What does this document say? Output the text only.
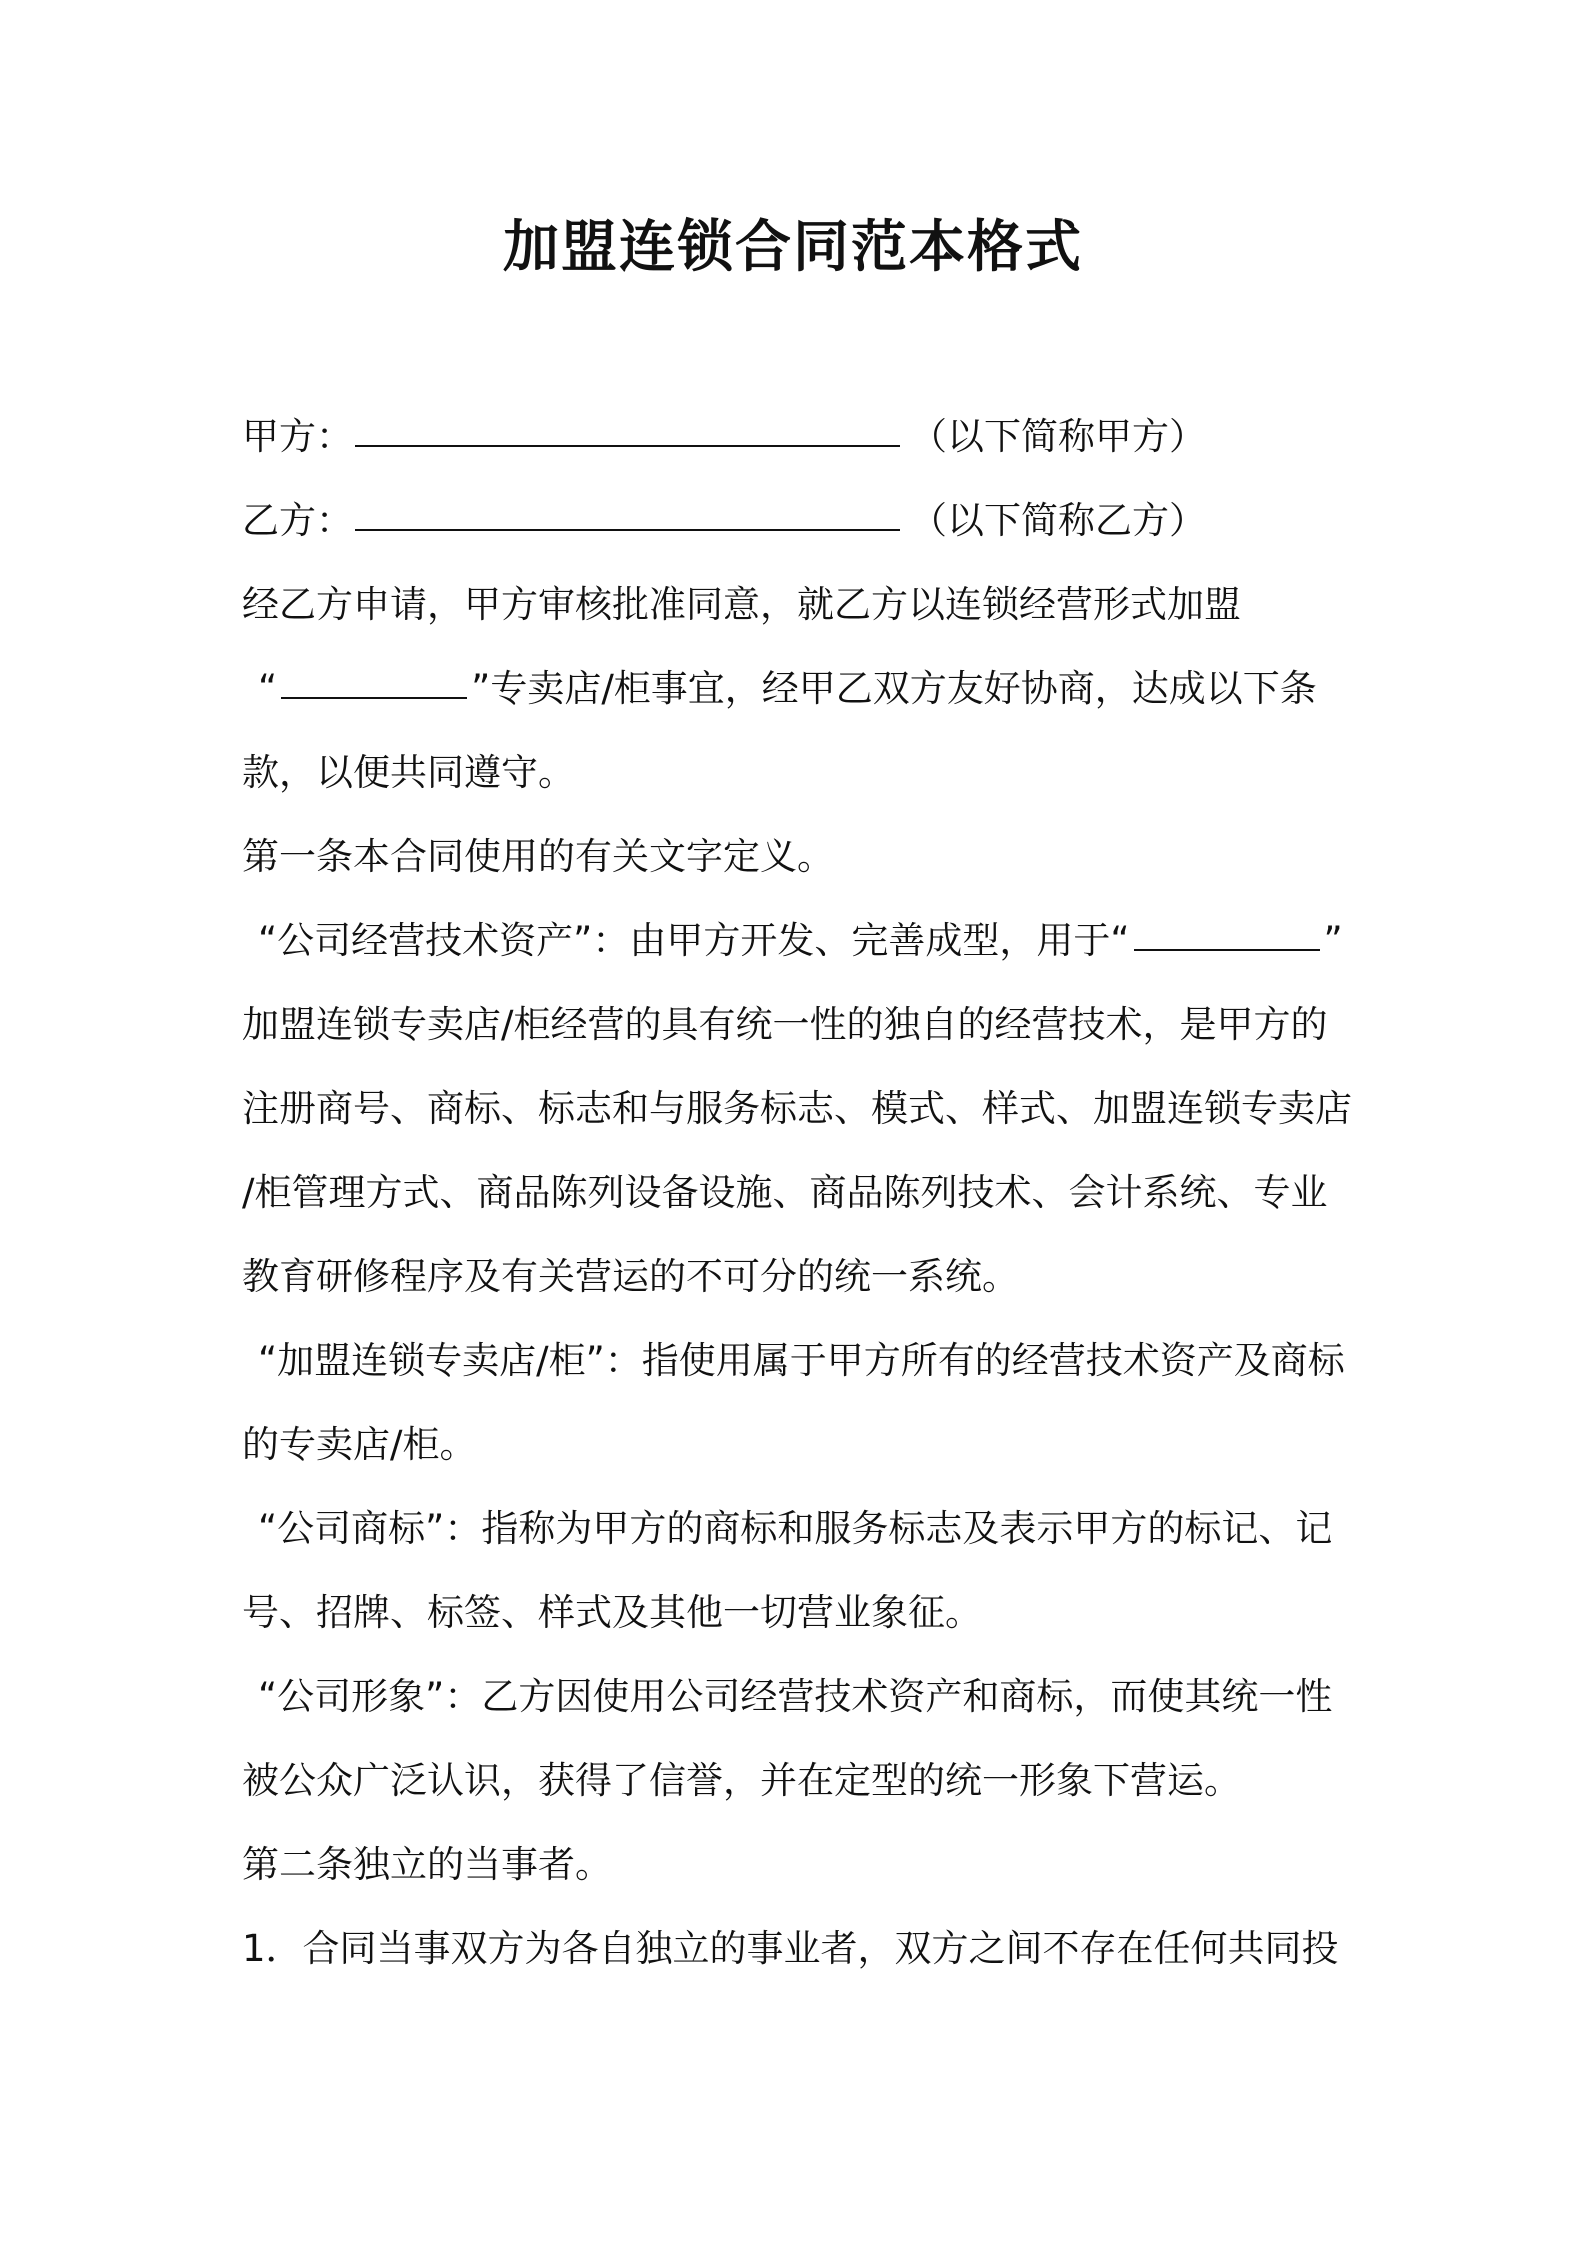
加盟连锁合同范本格式

甲方：	（以下简称甲方）

乙方：	（以下简称乙方）

经乙方申请，甲方审核批准同意，就乙方以连锁经营形式加盟

“	”专卖店/柜事宜，经甲乙双方友好协商，达成以下条

款，以便共同遵守。

第一条本合同使用的有关文字定义。

“公司经营技术资产”：由甲方开发、完善成型，用于“	”

加盟连锁专卖店/柜经营的具有统一性的独自的经营技术，是甲方的

注册商号、商标、标志和与服务标志、模式、样式、加盟连锁专卖店

/柜管理方式、商品陈列设备设施、商品陈列技术、会计系统、专业

教育研修程序及有关营运的不可分的统一系统。

“加盟连锁专卖店/柜”：指使用属于甲方所有的经营技术资产及商标

的专卖店/柜。

“公司商标”：指称为甲方的商标和服务标志及表示甲方的标记、记

号、招牌、标签、样式及其他一切营业象征。

“公司形象”：乙方因使用公司经营技术资产和商标，而使其统一性

被公众广泛认识，获得了信誉，并在定型的统一形象下营运。

第二条独立的当事者。

1．合同当事双方为各自独立的事业者，双方之间不存在任何共同投
